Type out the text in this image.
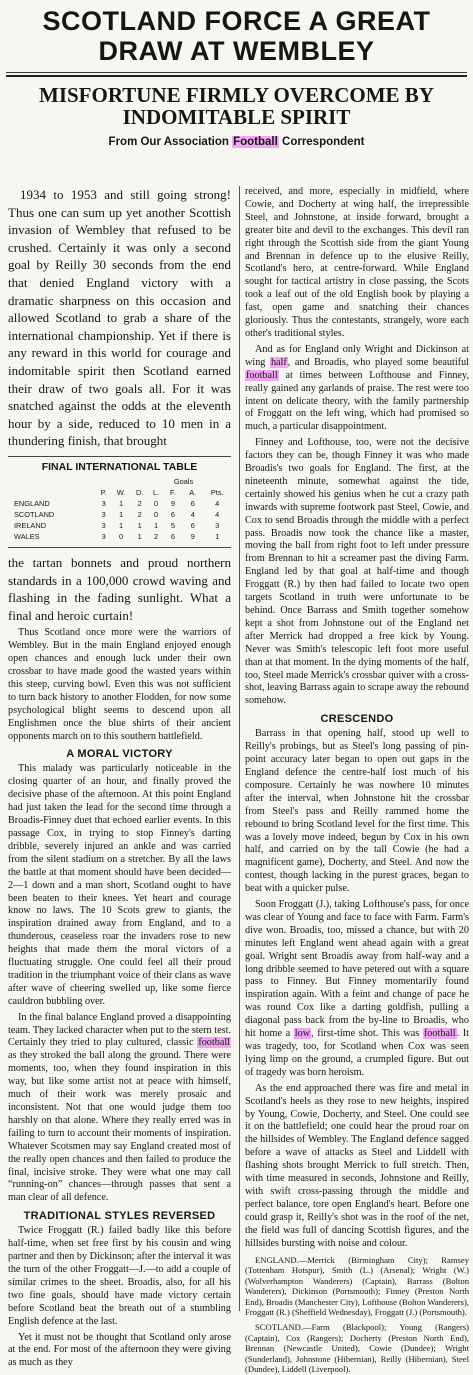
SCOTLAND FORCE A GREAT DRAW AT WEMBLEY
MISFORTUNE FIRMLY OVERCOME BY INDOMITABLE SPIRIT
From Our Association Football Correspondent

1934 to 1953 and still going strong! Thus one can sum up yet another Scottish invasion of Wembley that refused to be crushed. Certainly it was only a second goal by Reilly 30 seconds from the end that denied England victory with a dramatic sharpness on this occasion and allowed Scotland to grab a share of the international championship. Yet if there is any reward in this world for courage and indomitable spirit then Scotland earned their draw of two goals all. For it was snatched against the odds at the eleventh hour by a side, reduced to 10 men in a thundering finish, that brought

FINAL INTERNATIONAL TABLE
					Goals		
	P.	W.	D.	L.	F.	A.	Pts.
ENGLAND	3	1	2	0	9	6	4
SCOTLAND	3	1	2	0	6	4	4
IRELAND	3	1	1	1	5	6	3
WALES	3	0	1	2	6	9	1

the tartan bonnets and proud northern standards in a 100,000 crowd waving and flashing in the fading sunlight. What a final and heroic curtain!

Thus Scotland once more were the warriors of Wembley. But in the main England enjoyed enough open chances and enough luck under their own crossbar to have made good the wasted years within this steep, curving bowl. Even this was not sufficient to turn back history to another Flodden, for now some psychological blight seems to descend upon all Englishmen once the blue shirts of their ancient opponents march on to this southern battlefield.

A MORAL VICTORY

This malady was particularly noticeable in the closing quarter of an hour, and finally proved the decisive phase of the afternoon. At this point England had just taken the lead for the second time through a Broadis-Finney duet that echoed earlier events. In this passage Cox, in trying to stop Finney's darting dribble, severely injured an ankle and was carried from the silent stadium on a stretcher. By all the laws the battle at that moment should have been decided—2—1 down and a man short, Scotland ought to have been beaten to their knees. Yet heart and courage know no laws. The 10 Scots grew to giants, the inspiration drained away from England, and to a thunderous, ceaseless roar the invaders rose to new heights that made them the moral victors of a fluctuating struggle. One could feel all their proud tradition in the triumphant voice of their clans as wave after wave of cheering swelled up, like some fierce cauldron bubbling over.

In the final balance England proved a disappointing team. They lacked character when put to the stern test. Certainly they tried to play cultured, classic football as they stroked the ball along the ground. There were moments, too, when they found inspiration in this way, but like some artist not at peace with himself, much of their work was merely prosaic and inconsistent. Not that one would judge them too harshly on that alone. Where they really erred was in failing to turn to account their moments of inspiration. Whatever Scotsmen may say England created most of the really open chances and then failed to produce the final, incisive stroke. They were what one may call “running-on” chances—through passes that sent a man clear of all defence.

TRADITIONAL STYLES REVERSED

Twice Froggatt (R.) failed badly like this before half-time, when set free first by his cousin and wing partner and then by Dickinson; after the interval it was the turn of the other Froggatt—J.—to add a couple of similar crimes to the sheet. Broadis, also, for all his two fine goals, should have made victory certain before Scotland beat the breath out of a stumbling English defence at the last.

Yet it must not be thought that Scotland only arose at the end. For most of the afternoon they were giving as much as they

received, and more, especially in midfield, where Cowie, and Docherty at wing half, the irrepressible Steel, and Johnstone, at inside forward, brought a greater bite and devil to the exchanges. This devil ran right through the Scottish side from the giant Young and Brennan in defence up to the elusive Reilly, Scotland's hero, at centre-forward. While England sought for tactical artistry in close passing, the Scots took a leaf out of the old English book by playing a fast, open game and snatching their chances gloriously. Thus the contestants, strangely, wore each other's traditional styles.

And as for England only Wright and Dickinson at wing half, and Broadis, who played some beautiful football at times between Lofthouse and Finney, really gained any garlands of praise. The rest were too intent on delicate theory, with the family partnership of Froggatt on the left wing, which had promised so much, a particular disappointment.

Finney and Lofthouse, too, were not the decisive factors they can be, though Finney it was who made Broadis's two goals for England. The first, at the nineteenth minute, somewhat against the tide, certainly showed his genius when he cut a crazy path inwards with supreme footwork past Steel, Cowie, and Cox to send Broadis through the middle with a perfect pass. Broadis now took the chance like a master, moving the ball from right foot to left under pressure from Brennan to hit a screamer past the diving Farm. England led by that goal at half-time and though Froggatt (R.) by then had failed to locate two open targets Scotland in truth were unfortunate to be behind. Once Barrass and Smith together somehow kept a shot from Johnstone out of the England net after Merrick had dropped a free kick by Young. Never was Smith's telescopic left foot more useful than at that moment. In the dying moments of the half, too, Steel made Merrick's crossbar quiver with a cross-shot, leaving Barrass again to scrape away the rebound somehow.

CRESCENDO

Barrass in that opening half, stood up well to Reilly's probings, but as Steel's long passing of pin-point accuracy later began to open out gaps in the England defence the centre-half lost much of his composure. Certainly he was nowhere 10 minutes after the interval, when Johnstone hit the crossbar from Steel's pass and Reilly rammed home the rebound to bring Scotland level for the first time. This was a lovely move indeed, begun by Cox in his own half, and carried on by the tall Cowie (he had a magnificent game), Docherty, and Steel. And now the contest, though lacking in the purest graces, began to beat with a quicker pulse.

Soon Froggatt (J.), taking Lofthouse's pass, for once was clear of Young and face to face with Farm. Farm's dive won. Broadis, too, missed a chance, but with 20 minutes left England went ahead again with a great goal. Wright sent Broadis away from half-way and a long dribble seemed to have petered out with a square pass to Finney. But Finney momentarily found inspiration again. With a feint and change of pace he was round Cox like a darting goldfish, pulling a diagonal pass back from the by-line to Broadis, who hit home a low, first-time shot. This was football. It was tragedy, too, for Scotland when Cox was seen lying limp on the ground, a crumpled figure. But out of tragedy was born heroism.

As the end approached there was fire and metal in Scotland's heels as they rose to new heights, inspired by Young, Cowie, Docherty, and Steel. One could see it on the battlefield; one could hear the proud roar on the hillsides of Wembley. The England defence sagged before a wave of attacks as Steel and Liddell with flashing shots brought Merrick to full stretch. Then, with time measured in seconds, Johnstone and Reilly, with swift cross-passing through the middle and perfect balance, tore open England's heart. Before one could grasp it, Reilly's shot was in the roof of the net, the field was full of dancing Scottish figures, and the hillsides bursting with noise and colour.

ENGLAND.—Merrick (Birmingham City); Ramsey (Tottenham Hotspur), Smith (L.) (Arsenal); Wright (W.) (Wolverhampton Wanderers) (Captain), Barrass (Bolton Wanderers), Dickinson (Portsmouth); Finney (Preston North End), Broadis (Manchester City), Lofthouse (Bolton Wanderers), Froggatt (R.) (Sheffield Wednesday), Froggatt (J.) (Portsmouth).

SCOTLAND.—Farm (Blackpool); Young (Rangers) (Captain), Cox (Rangers); Docherty (Preston North End), Brennan (Newcastle United), Cowie (Dundee); Wright (Sunderland), Johnstone (Hibernian), Reilly (Hibernian), Steel (Dundee), Liddell (Liverpool).
